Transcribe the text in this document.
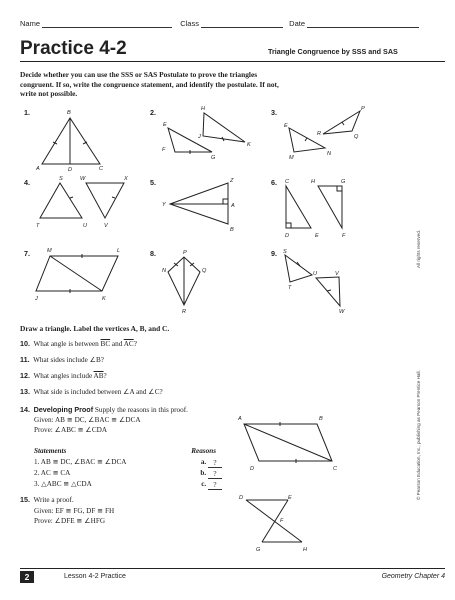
Name	Class	Date
Practice 4-2	Triangle Congruence by SSS and SAS
Decide whether you can use the SSS or SAS Postulate to prove the triangles congruent. If so, write the congruence statement, and identify the postulate. If not, write not possible.
1.	2.	3.
4.	5.	6.
7.	8.	9.
B
A	D	C
H
E
J
K
F
G
P
E
R	Q
M
N
S	W	X
T	U	V
Z
Y	A
B
C	H	G
D	E	F
M	L
J	K
P
N	Q
R
S
U	V
T
W
Draw a triangle. Label the vertices A, B, and C.
10. What angle is between $\overline{BC}$ and $\overline{AC}$?
11. What sides include ∠B?
12. What angles include $\overline{AB}$?
13. What side is included between ∠A and ∠C?
14. Developing Proof Supply the reasons in this proof.
Given: AB ≅ DC, ∠BAC ≅ ∠DCA
Prove: ∠ABC ≅ ∠CDA
Statements	Reasons
1. AB ≅ DC, ∠BAC ≅ ∠DCA	a. ?
2. AC ≅ CA	b. ?
3. △ABC ≅ △CDA	c. ?
A	B
D	C
15. Write a proof.
Given: EF ≅ FG, DF ≅ FH
Prove: ∠DFE ≅ ∠HFG
D	E
F
G	H
All rights reserved.
© Pearson Education, Inc., publishing as Pearson Prentice Hall.
2	Lesson 4-2 Practice	Geometry Chapter 4
